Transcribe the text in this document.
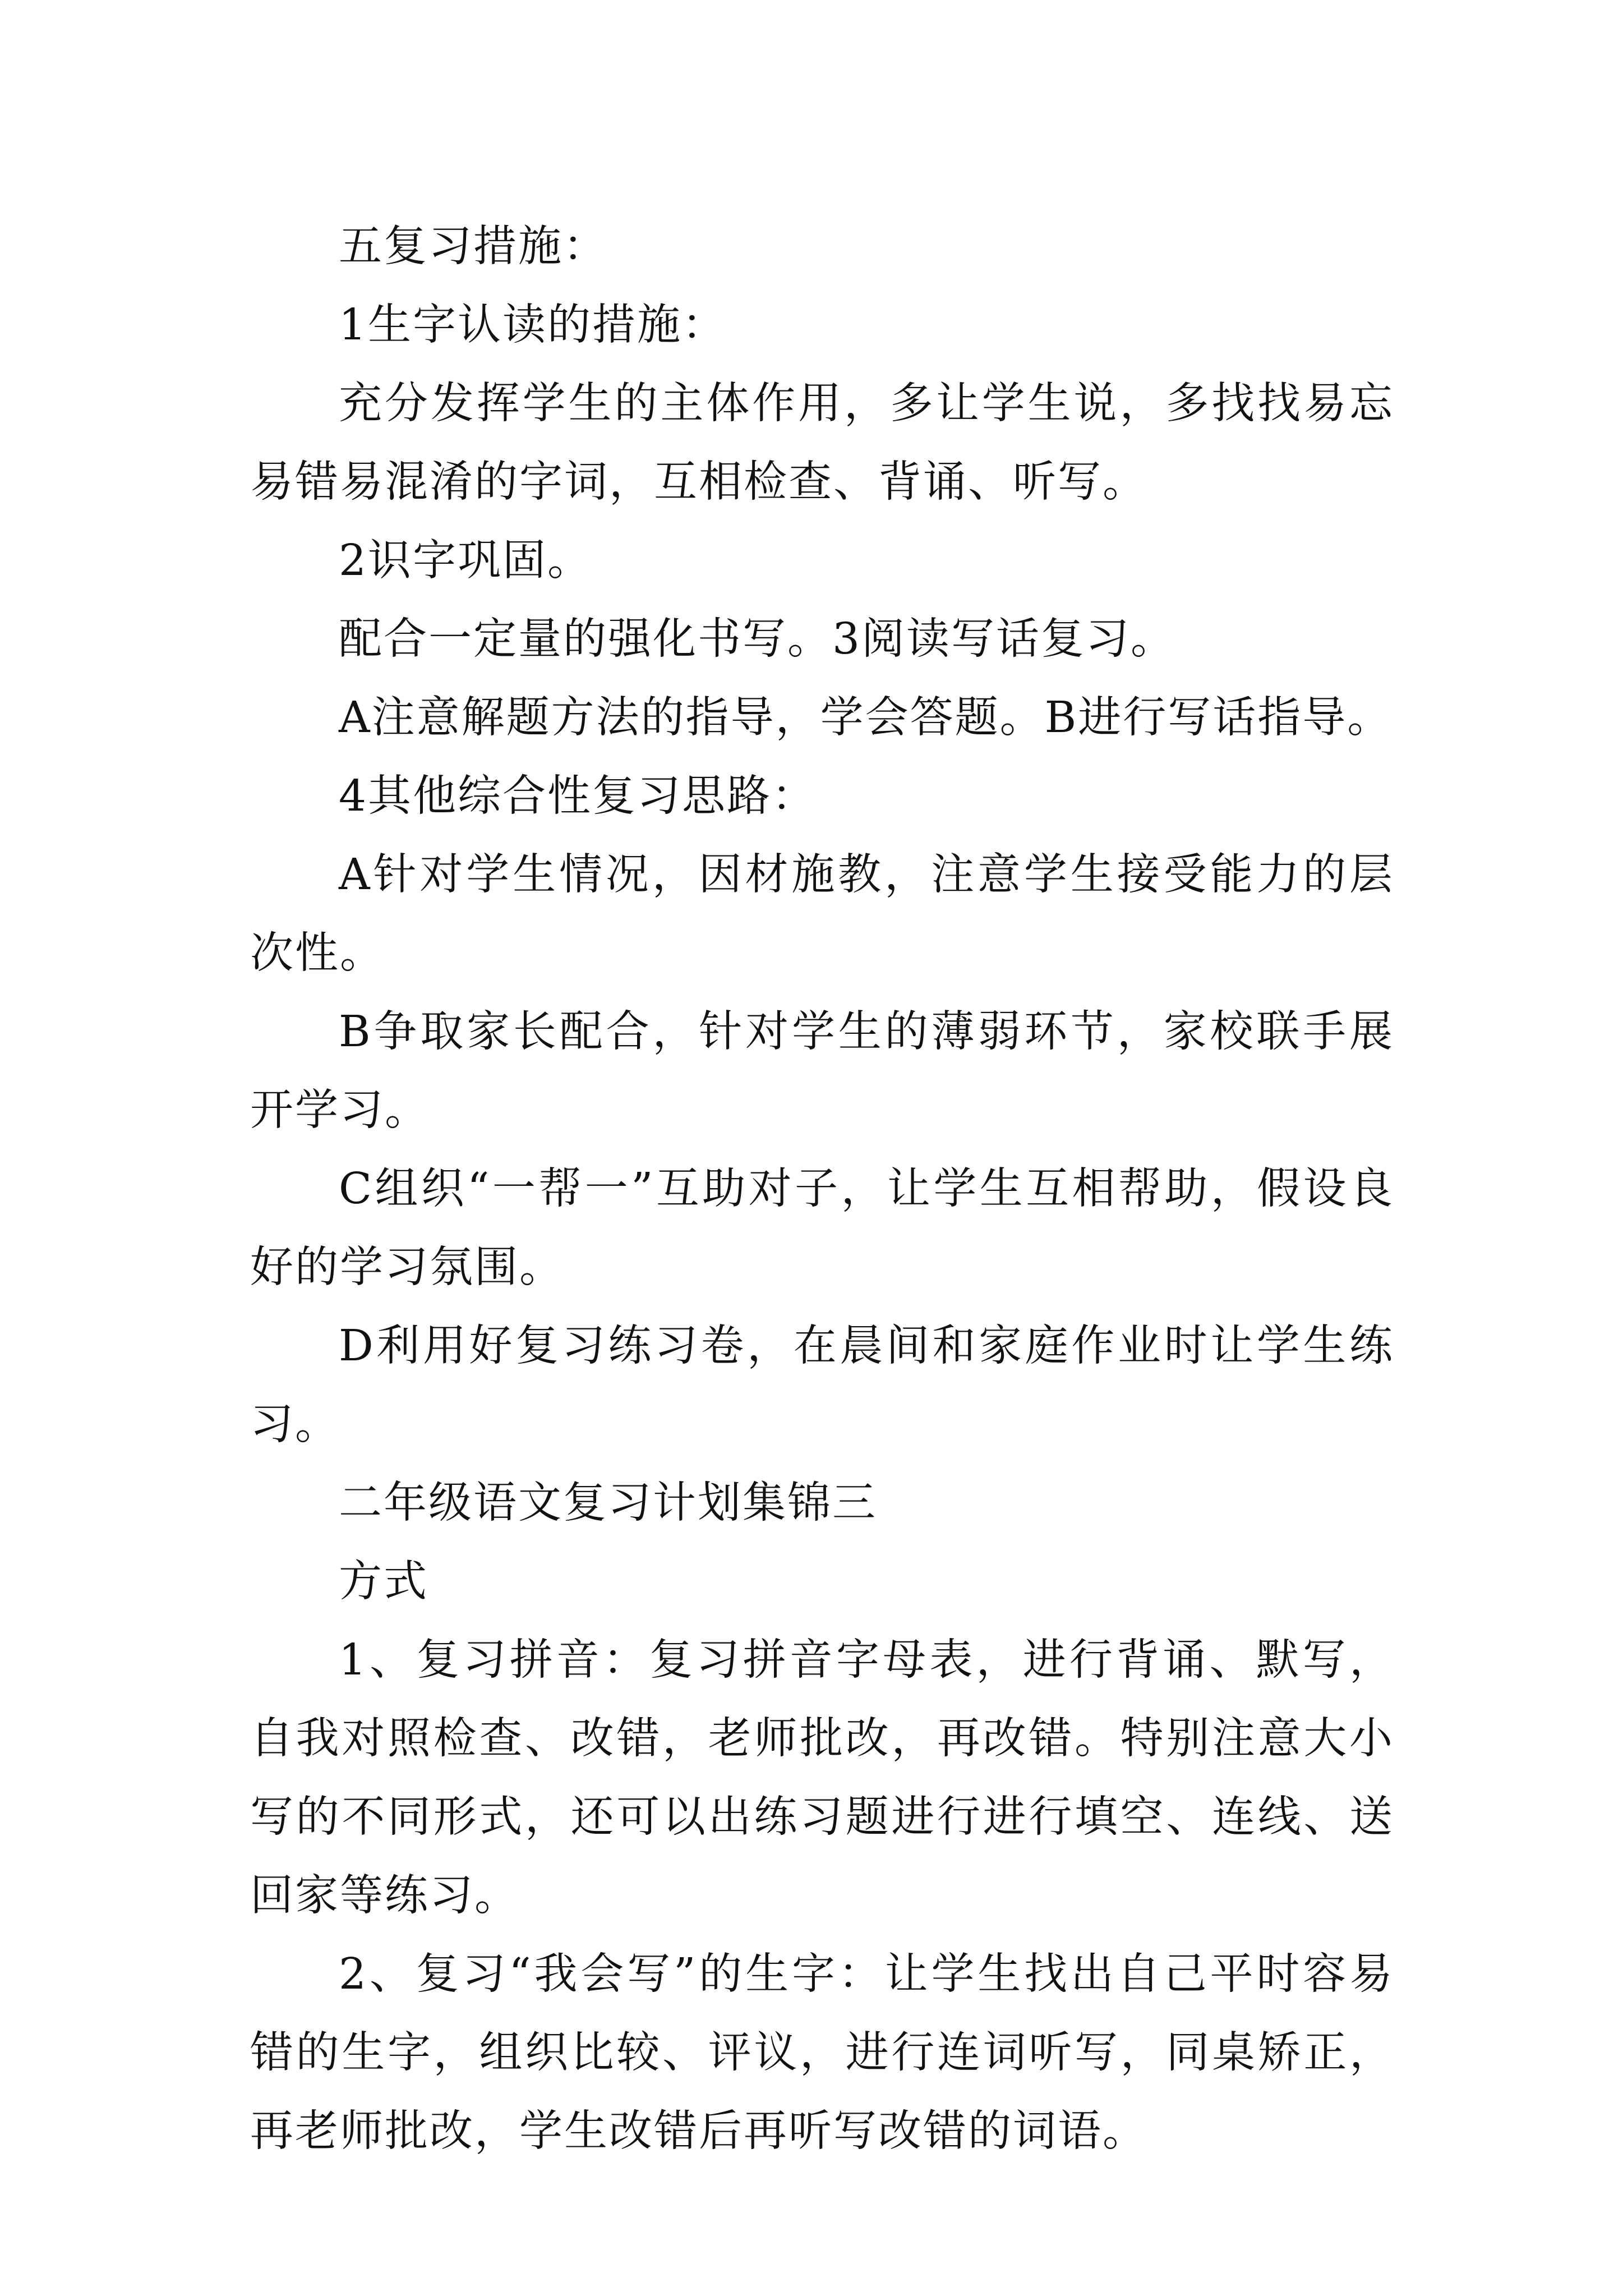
五复习措施：

1生字认读的措施：

充分发挥学生的主体作用，多让学生说，多找找易忘易错易混淆的字词，互相检查、背诵、听写。

2识字巩固。

配合一定量的强化书写。3阅读写话复习。

A注意解题方法的指导，学会答题。B进行写话指导。

4其他综合性复习思路：

A针对学生情况，因材施教，注意学生接受能力的层次性。

B争取家长配合，针对学生的薄弱环节，家校联手展开学习。

C组织“一帮一”互助对子，让学生互相帮助，假设良好的学习氛围。

D利用好复习练习卷，在晨间和家庭作业时让学生练习。

二年级语文复习计划集锦三

方式

1、复习拼音：复习拼音字母表，进行背诵、默写，自我对照检查、改错，老师批改，再改错。特别注意大小写的不同形式，还可以出练习题进行进行填空、连线、送回家等练习。

2、复习“我会写”的生字：让学生找出自己平时容易错的生字，组织比较、评议，进行连词听写，同桌矫正，再老师批改，学生改错后再听写改错的词语。
